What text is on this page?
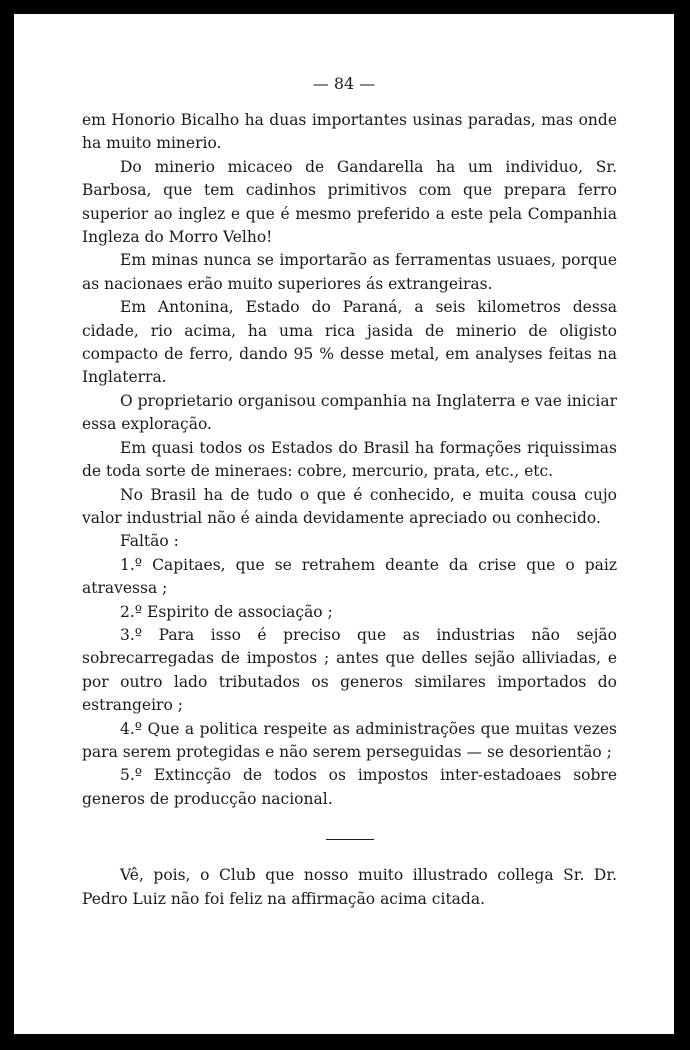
— 84 —

em Honorio Bicalho ha duas importantes usinas paradas, mas onde ha muito minerio.

Do minerio micaceo de Gandarella ha um individuo, Sr. Barbosa, que tem cadinhos primitivos com que prepara ferro superior ao inglez e que é mesmo preferido a este pela Companhia Ingleza do Morro Velho!

Em minas nunca se importarão as ferramentas usuaes, porque as nacionaes erão muito superiores ás extrangeiras.

Em Antonina, Estado do Paraná, a seis kilometros dessa cidade, rio acima, ha uma rica jasida de minerio de oligisto compacto de ferro, dando 95 % desse metal, em analyses feitas na Inglaterra.

O proprietario organisou companhia na Inglaterra e vae iniciar essa exploração.

Em quasi todos os Estados do Brasil ha formações riquissimas de toda sorte de mineraes: cobre, mercurio, prata, etc., etc.

No Brasil ha de tudo o que é conhecido, e muita cousa cujo valor industrial não é ainda devidamente apreciado ou conhecido.

Faltão :

1.º Capitaes, que se retrahem deante da crise que o paiz atravessa ;

2.º Espirito de associação ;

3.º Para isso é preciso que as industrias não sejão sobrecarregadas de impostos ; antes que delles sejão alliviadas, e por outro lado tributados os generos similares importados do estrangeiro ;

4.º Que a politica respeite as administrações que muitas vezes para serem protegidas e não serem perseguidas — se desorientão ;

5.º Extincção de todos os impostos inter-estadoaes sobre generos de producção nacional.

Vê, pois, o Club que nosso muito illustrado collega Sr. Dr. Pedro Luiz não foi feliz na affirmação acima citada.
